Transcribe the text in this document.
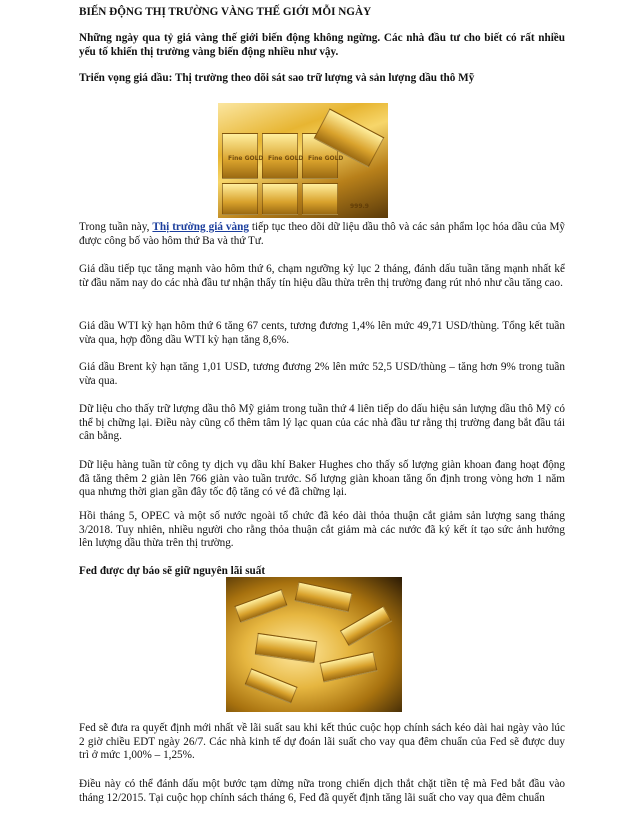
BIẾN ĐỘNG THỊ TRƯỜNG VÀNG THẾ GIỚI MỖI NGÀY

Những ngày qua tỷ giá vàng thế giới biến động không ngừng. Các nhà đầu tư cho biết có rất nhiều yếu tố khiến thị trường vàng biến động nhiều như vậy.

Triển vọng giá dầu: Thị trường theo dõi sát sao trữ lượng và sản lượng dầu thô Mỹ

Fine GOLD Fine GOLD Fine GOLD
999.9

Trong tuần này, Thị trường giá vàng tiếp tục theo dõi dữ liệu dầu thô và các sản phẩm lọc hóa dầu của Mỹ được công bố vào hôm thứ Ba và thứ Tư.

Giá dầu tiếp tục tăng mạnh vào hôm thứ 6, chạm ngưỡng kỷ lục 2 tháng, đánh dấu tuần tăng mạnh nhất kể từ đầu năm nay do các nhà đầu tư nhận thấy tín hiệu dầu thừa trên thị trường đang rút nhỏ như cầu tăng cao.

Giá dầu WTI kỳ hạn hôm thứ 6 tăng 67 cents, tương đương 1,4% lên mức 49,71 USD/thùng. Tổng kết tuần vừa qua, hợp đồng dầu WTI kỳ hạn tăng 8,6%.

Giá dầu Brent kỳ hạn tăng 1,01 USD, tương đương 2% lên mức 52,5 USD/thùng – tăng hơn 9% trong tuần vừa qua.

Dữ liệu cho thấy trữ lượng dầu thô Mỹ giảm trong tuần thứ 4 liên tiếp do dấu hiệu sản lượng dầu thô Mỹ có thể bị chững lại. Điều này cũng cổ thêm tâm lý lạc quan của các nhà đầu tư rằng thị trường đang bắt đầu tái cân bằng.

Dữ liệu hàng tuần từ công ty dịch vụ dầu khí Baker Hughes cho thấy số lượng giàn khoan đang hoạt động đã tăng thêm 2 giàn lên 766 giàn vào tuần trước. Số lượng giàn khoan tăng ổn định trong vòng hơn 1 năm qua nhưng thời gian gần đây tốc độ tăng có vẻ đã chững lại.

Hồi tháng 5, OPEC và một số nước ngoài tổ chức đã kéo dài thỏa thuận cắt giảm sản lượng sang tháng 3/2018. Tuy nhiên, nhiều người cho rằng thỏa thuận cắt giảm mà các nước đã ký kết ít tạo sức ảnh hưởng lên lượng dầu thừa trên thị trường.

Fed được dự báo sẽ giữ nguyên lãi suất

Fed sẽ đưa ra quyết định mới nhất về lãi suất sau khi kết thúc cuộc họp chính sách kéo dài hai ngày vào lúc 2 giờ chiều EDT ngày 26/7. Các nhà kinh tế dự đoán lãi suất cho vay qua đêm chuẩn của Fed sẽ được duy trì ở mức 1,00% – 1,25%.

Điều này có thể đánh dấu một bước tạm dừng nữa trong chiến dịch thắt chặt tiền tệ mà Fed bắt đầu vào tháng 12/2015. Tại cuộc họp chính sách tháng 6, Fed đã quyết định tăng lãi suất cho vay qua đêm chuẩn
